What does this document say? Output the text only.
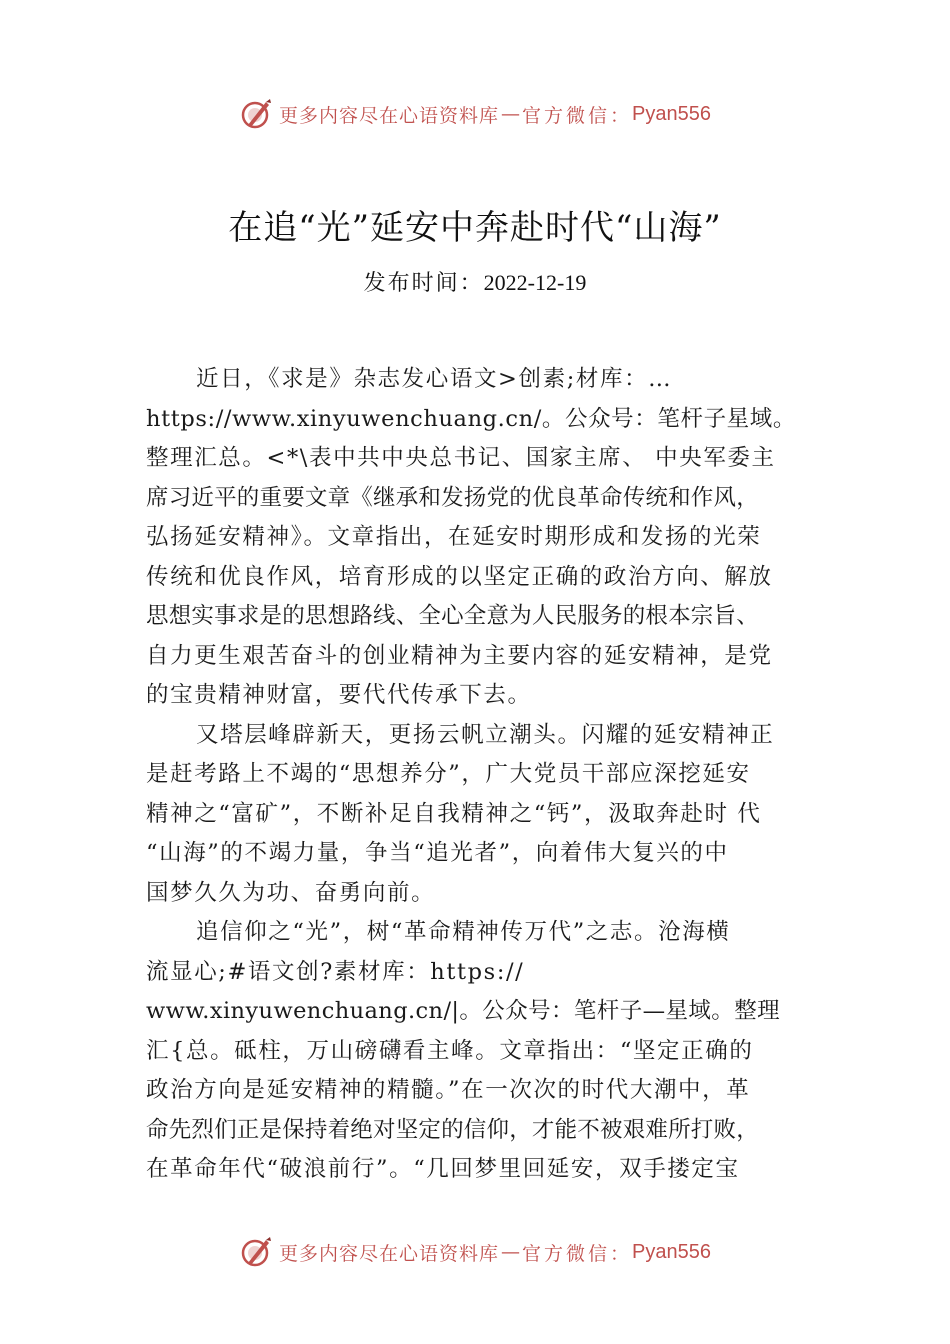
更多内容尽在心语资料库 — 官方微信： Pyan556
在追“光”延安中奔赴时代“山海”
发布时间：2022-12-19
近日，《求是》杂志发心语文>创素;材库：…
https://www.xinyuwenchuang.cn/。公众号：笔杆子星域。
整理汇总。<*\表中共中央总书记、国家主席、 中央军委主
席习近平的重要文章《继承和发扬党的优良革命传统和作风，
弘扬延安精神》。文章指出，在延安时期形成和发扬的光荣
传统和优良作风，培育形成的以坚定正确的政治方向、解放
思想实事求是的思想路线、全心全意为人民服务的根本宗旨、
自力更生艰苦奋斗的创业精神为主要内容的延安精神，是党
的宝贵精神财富，要代代传承下去。
又塔层峰辟新天，更扬云帆立潮头。闪耀的延安精神正
是赶考路上不竭的“思想养分”，广大党员干部应深挖延安
精神之“富矿”，不断补足自我精神之“钙”，汲取奔赴时 代
“山海”的不竭力量，争当“追光者”，向着伟大复兴的中
国梦久久为功、奋勇向前。
追信仰之“光”，树“革命精神传万代”之志。沧海横
流显心;#语文创?素材库：https://
www.xinyuwenchuang.cn/|。公众号：笔杆子—星域。整理
汇{总。砥柱，万山磅礴看主峰。文章指出：“坚定正确的
政治方向是延安精神的精髓。”在一次次的时代大潮中，革
命先烈们正是保持着绝对坚定的信仰，才能不被艰难所打败，
在革命年代“破浪前行”。“几回梦里回延安，双手搂定宝
更多内容尽在心语资料库 — 官方微信： Pyan556
